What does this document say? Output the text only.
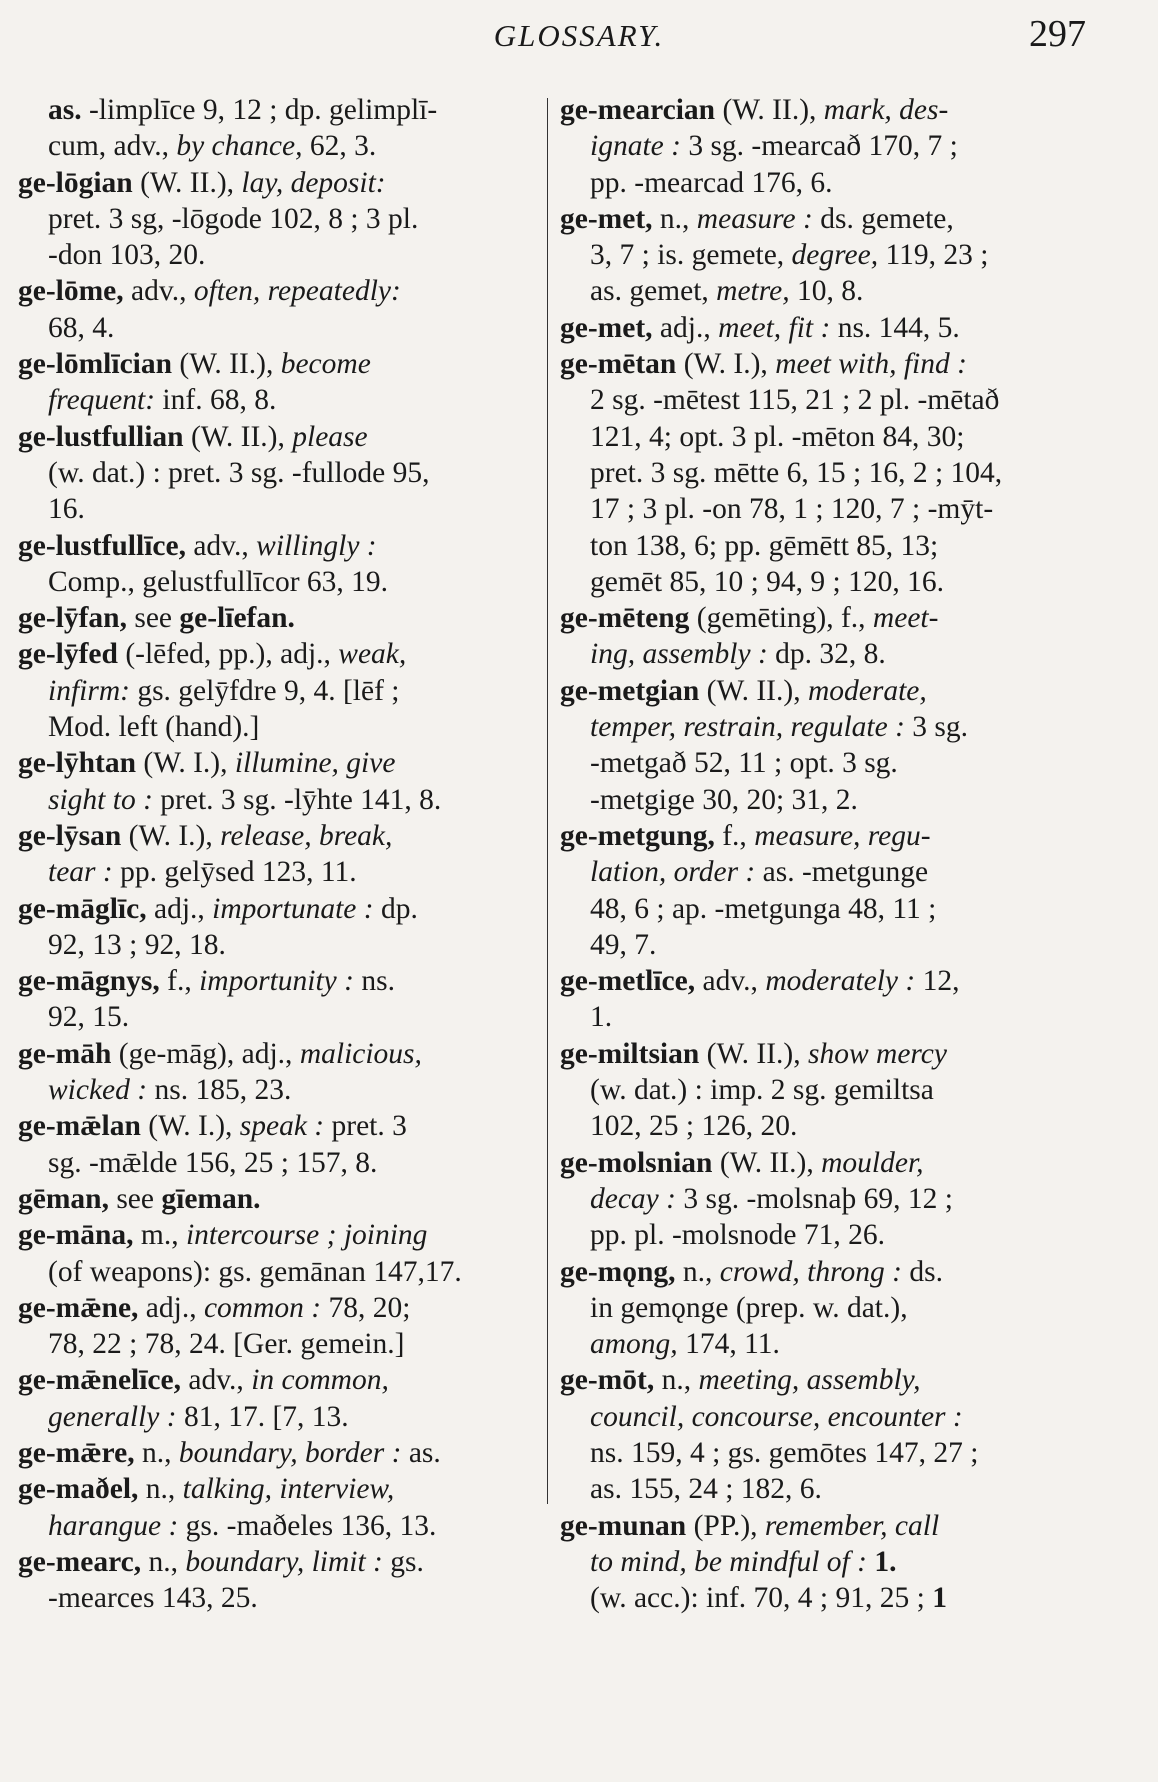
GLOSSARY.	297
as. -limplīce 9, 12 ; dp. gelimplī-
cum, adv., by chance, 62, 3.
ge-lōgian (W. II.), lay, deposit:
pret. 3 sg, -lōgode 102, 8 ; 3 pl.
-don 103, 20.
ge-lōme, adv., often, repeatedly:
68, 4.
ge-lōmlīcian (W. II.), become
frequent: inf. 68, 8.
ge-lustfullian (W. II.), please
(w. dat.) : pret. 3 sg. -fullode 95,
16.
ge-lustfullīce, adv., willingly :
Comp., gelustfullīcor 63, 19.
ge-lȳfan, see ge-līefan.
ge-lȳfed (-lēfed, pp.), adj., weak,
infirm: gs. gelȳfdre 9, 4. [lēf ;
Mod. left (hand).]
ge-lȳhtan (W. I.), illumine, give
sight to : pret. 3 sg. -lȳhte 141, 8.
ge-lȳsan (W. I.), release, break,
tear : pp. gelȳsed 123, 11.
ge-māglīc, adj., importunate : dp.
92, 13 ; 92, 18.
ge-māgnys, f., importunity : ns.
92, 15.
ge-māh (ge-māg), adj., malicious,
wicked : ns. 185, 23.
ge-mǣlan (W. I.), speak : pret. 3
sg. -mǣlde 156, 25 ; 157, 8.
gēman, see gīeman.
ge-māna, m., intercourse ; joining
(of weapons): gs. gemānan 147,17.
ge-mǣne, adj., common : 78, 20;
78, 22 ; 78, 24. [Ger. gemein.]
ge-mǣnelīce, adv., in common,
generally : 81, 17. [7, 13.
ge-mǣre, n., boundary, border : as.
ge-maðel, n., talking, interview,
harangue : gs. -maðeles 136, 13.
ge-mearc, n., boundary, limit : gs.
-mearces 143, 25.
ge-mearcian (W. II.), mark, des-
ignate : 3 sg. -mearcað 170, 7 ;
pp. -mearcad 176, 6.
ge-met, n., measure : ds. gemete,
3, 7 ; is. gemete, degree, 119, 23 ;
as. gemet, metre, 10, 8.
ge-met, adj., meet, fit : ns. 144, 5.
ge-mētan (W. I.), meet with, find :
2 sg. -mētest 115, 21 ; 2 pl. -mētað
121, 4; opt. 3 pl. -mēton 84, 30;
pret. 3 sg. mētte 6, 15 ; 16, 2 ; 104,
17 ; 3 pl. -on 78, 1 ; 120, 7 ; -mȳt-
ton 138, 6; pp. gēmētt 85, 13;
gemēt 85, 10 ; 94, 9 ; 120, 16.
ge-mēteng (gemēting), f., meet-
ing, assembly : dp. 32, 8.
ge-metgian (W. II.), moderate,
temper, restrain, regulate : 3 sg.
-metgað 52, 11 ; opt. 3 sg.
-metgige 30, 20; 31, 2.
ge-metgung, f., measure, regu-
lation, order : as. -metgunge
48, 6 ; ap. -metgunga 48, 11 ;
49, 7.
ge-metlīce, adv., moderately : 12,
1.
ge-miltsian (W. II.), show mercy
(w. dat.) : imp. 2 sg. gemiltsa
102, 25 ; 126, 20.
ge-molsnian (W. II.), moulder,
decay : 3 sg. -molsnaþ 69, 12 ;
pp. pl. -molsnode 71, 26.
ge-mǫng, n., crowd, throng : ds.
in gemǫnge (prep. w. dat.),
among, 174, 11.
ge-mōt, n., meeting, assembly,
council, concourse, encounter :
ns. 159, 4 ; gs. gemōtes 147, 27 ;
as. 155, 24 ; 182, 6.
ge-munan (PP.), remember, call
to mind, be mindful of : 1.
(w. acc.): inf. 70, 4 ; 91, 25 ; 1
